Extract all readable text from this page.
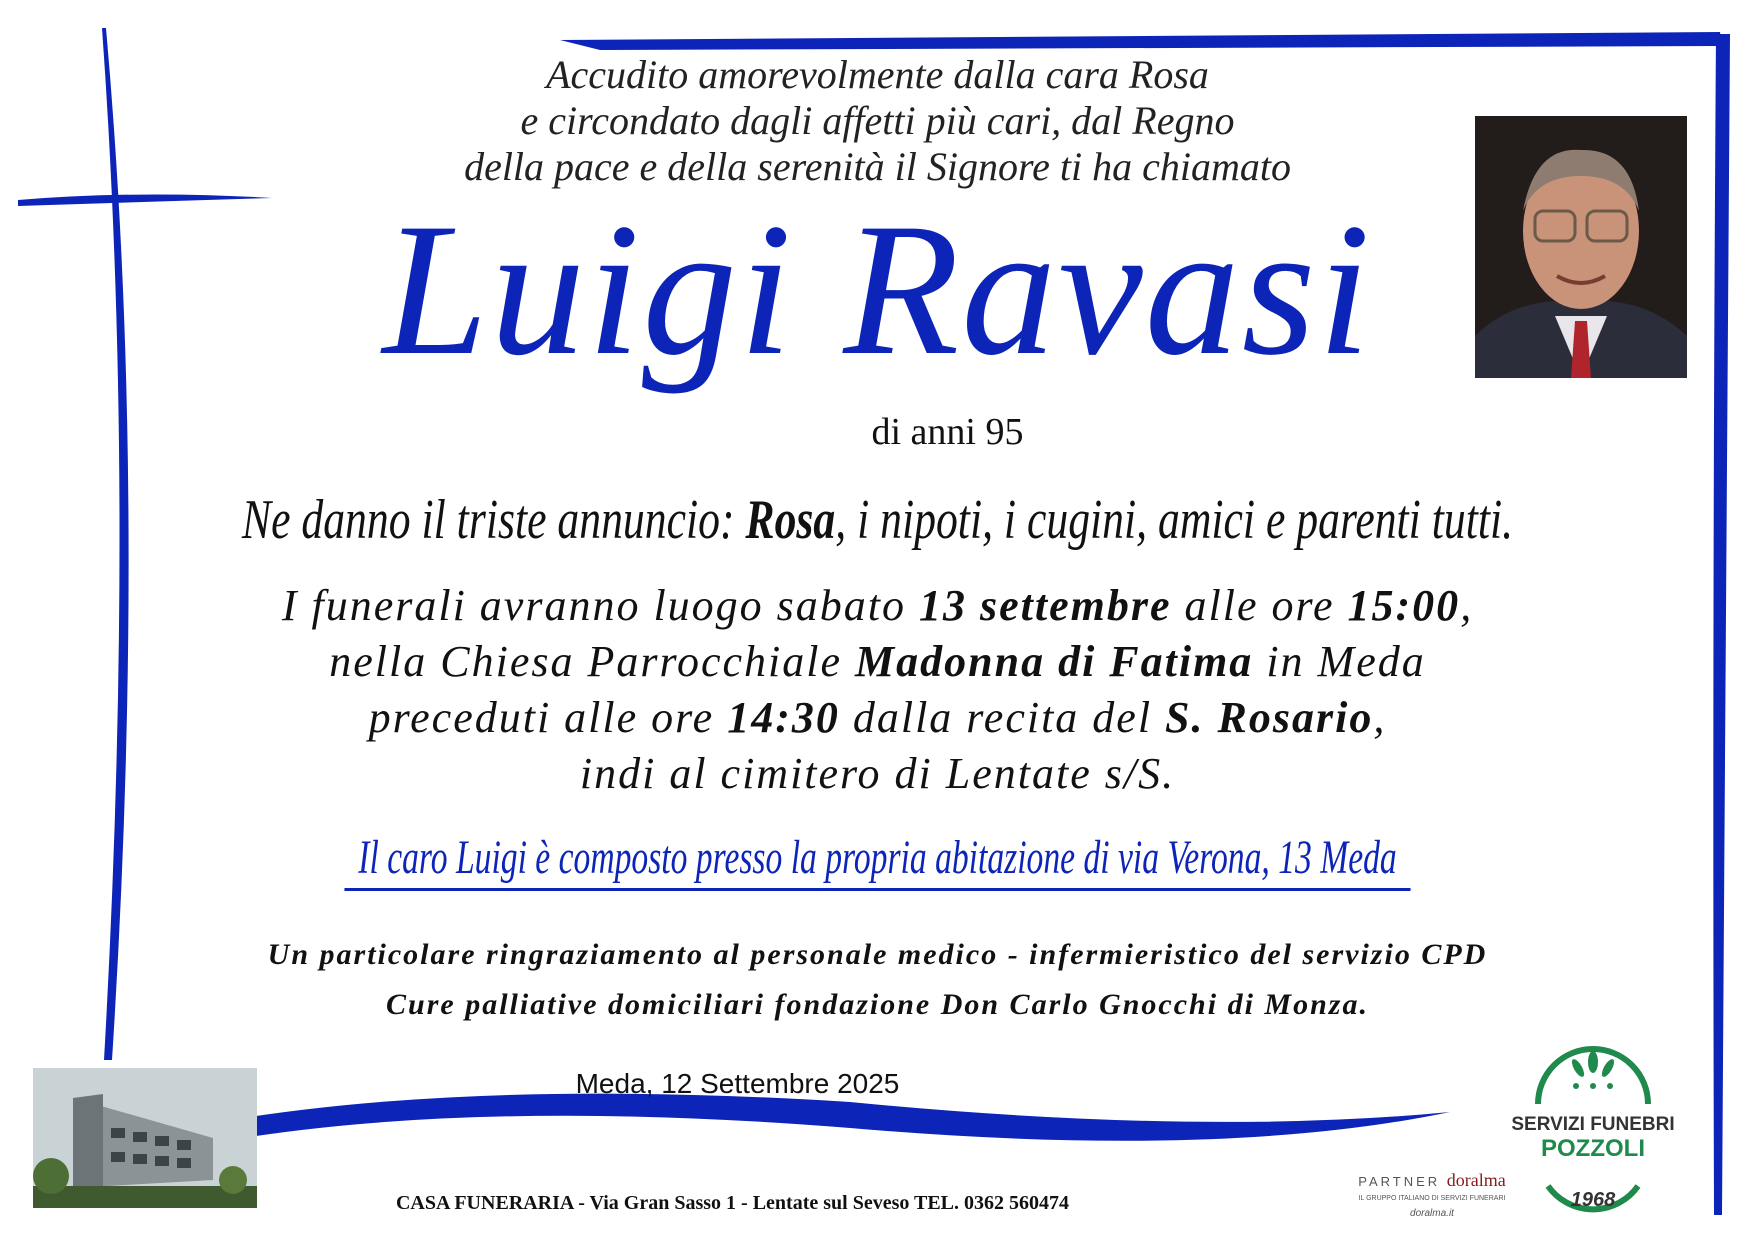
Accudito amorevolmente dalla cara Rosa
e circondato dagli affetti più cari, dal Regno
della pace e della serenità il Signore ti ha chiamato
Luigi Ravasi
di anni 95
Ne danno il triste annuncio: Rosa, i nipoti, i cugini, amici e parenti tutti.
I funerali avranno luogo sabato 13 settembre alle ore 15:00,
nella Chiesa Parrocchiale Madonna di Fatima in Meda
preceduti alle ore 14:30 dalla recita del S. Rosario,
indi al cimitero di Lentate s/S.
Il caro Luigi è composto presso la propria abitazione di via Verona, 13 Meda
Un particolare ringraziamento al personale medico - infermieristico del servizio CPD
Cure palliative domiciliari fondazione Don Carlo Gnocchi di Monza.
Meda, 12 Settembre 2025
SERVIZI FUNEBRI
POZZOLI
1968
PARTNER doralma
IL GRUPPO ITALIANO DI SERVIZI FUNERARI
doralma.it
CASA FUNERARIA - Via Gran Sasso 1 - Lentate sul Seveso TEL. 0362 560474
